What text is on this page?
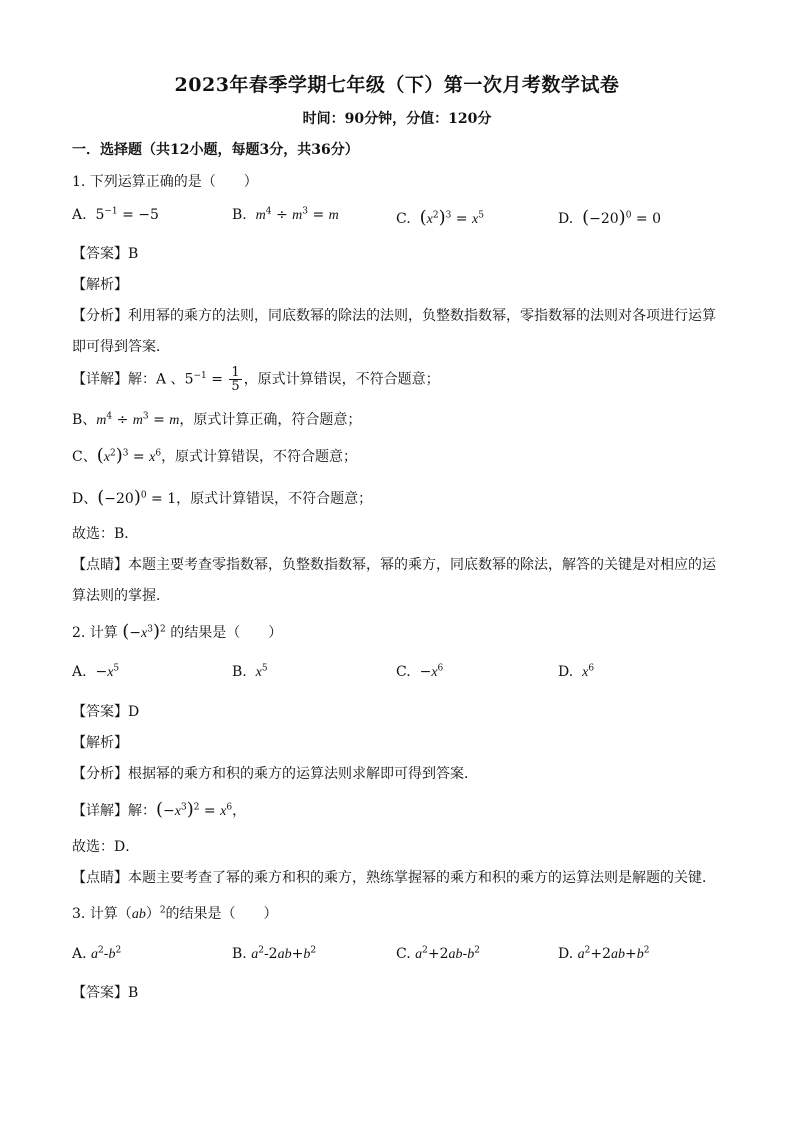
2023年春季学期七年级（下）第一次月考数学试卷
时间：90分钟，分值：120分
一．选择题（共12小题，每题3分，共36分）
1. 下列运算正确的是（　　）
A.  $5^{-1} = -5$	B. $m^4 \div m^3 = m$	C. $(x^2)^3 = x^5$	D. $(-20)^0 = 0$
【答案】B
【解析】
【分析】利用幂的乘方的法则，同底数幂的除法的法则，负整数指数幂，零指数幂的法则对各项进行运算
即可得到答案．
【详解】解：A 、$5^{-1} = \frac{1}{5}$ ，原式计算错误，不符合题意；
B、$m^4 \div m^3 = m$，原式计算正确，符合题意；
C、$(x^2)^3 = x^6$，原式计算错误，不符合题意；
D、$(-20)^0 = 1$，原式计算错误，不符合题意；
故选：B．
【点睛】本题主要考查零指数幂，负整数指数幂，幂的乘方，同底数幂的除法，解答的关键是对相应的运
算法则的掌握．
2. 计算 $(-x^3)^2$ 的结果是（　　）
A.  $-x^5$	B. $x^5$	C.  $-x^6$	D. $x^6$
【答案】D
【解析】
【分析】根据幂的乘方和积的乘方的运算法则求解即可得到答案．
【详解】解：$(-x^3)^2 = x^6$，
故选：D．
【点睛】本题主要考查了幂的乘方和积的乘方，熟练掌握幂的乘方和积的乘方的运算法则是解题的关键．
3. 计算（ab）$^2$的结果是（　　）
A. $a^2-b^2$	B. $a^2-2ab+b^2$	C. $a^2+2ab-b^2$	D. $a^2+2ab+b^2$
【答案】B
